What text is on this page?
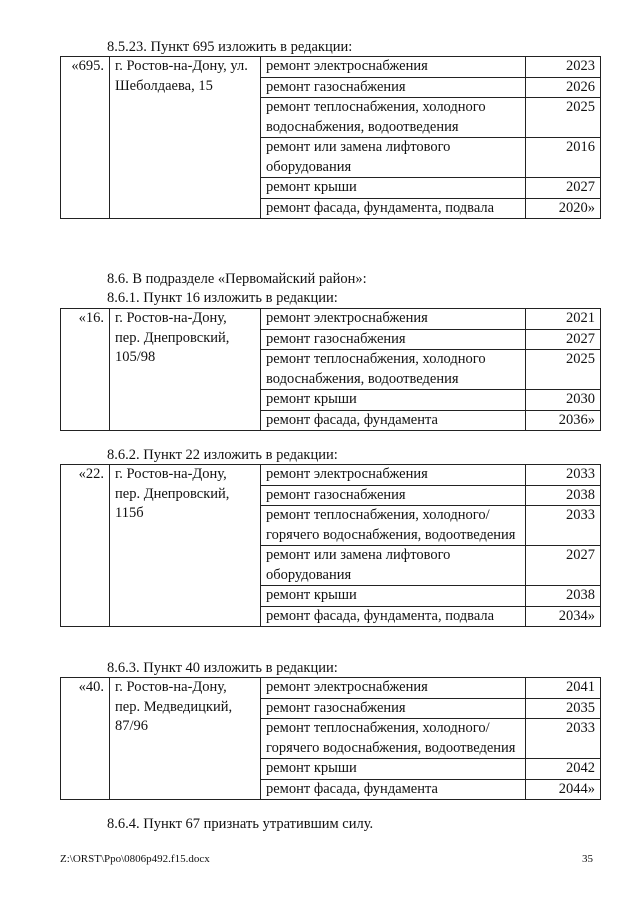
8.5.23. Пункт 695 изложить в редакции:
«695.	г. Ростов-на-Дону, ул. Шеболдаева, 15	ремонт электроснабжения	2023
		ремонт газоснабжения	2026
		ремонт теплоснабжения, холодного водоснабжения, водоотведения	2025
		ремонт или замена лифтового оборудования	2016
		ремонт крыши	2027
		ремонт фасада, фундамента, подвала	2020»
8.6. В подразделе «Первомайский район»:
8.6.1. Пункт 16 изложить в редакции:
«16.	г. Ростов-на-Дону, пер. Днепровский, 105/98	ремонт электроснабжения	2021
		ремонт газоснабжения	2027
		ремонт теплоснабжения, холодного водоснабжения, водоотведения	2025
		ремонт крыши	2030
		ремонт фасада, фундамента	2036»
8.6.2. Пункт 22 изложить в редакции:
«22.	г. Ростов-на-Дону, пер. Днепровский, 115б	ремонт электроснабжения	2033
		ремонт газоснабжения	2038
		ремонт теплоснабжения, холодного/горячего водоснабжения, водоотведения	2033
		ремонт или замена лифтового оборудования	2027
		ремонт крыши	2038
		ремонт фасада, фундамента, подвала	2034»
8.6.3. Пункт 40 изложить в редакции:
«40.	г. Ростов-на-Дону, пер. Медведицкий, 87/96	ремонт электроснабжения	2041
		ремонт газоснабжения	2035
		ремонт теплоснабжения, холодного/горячего водоснабжения, водоотведения	2033
		ремонт крыши	2042
		ремонт фасада, фундамента	2044»
8.6.4. Пункт 67 признать утратившим силу.
Z:\ORST\Ppo\0806p492.f15.docx	35
